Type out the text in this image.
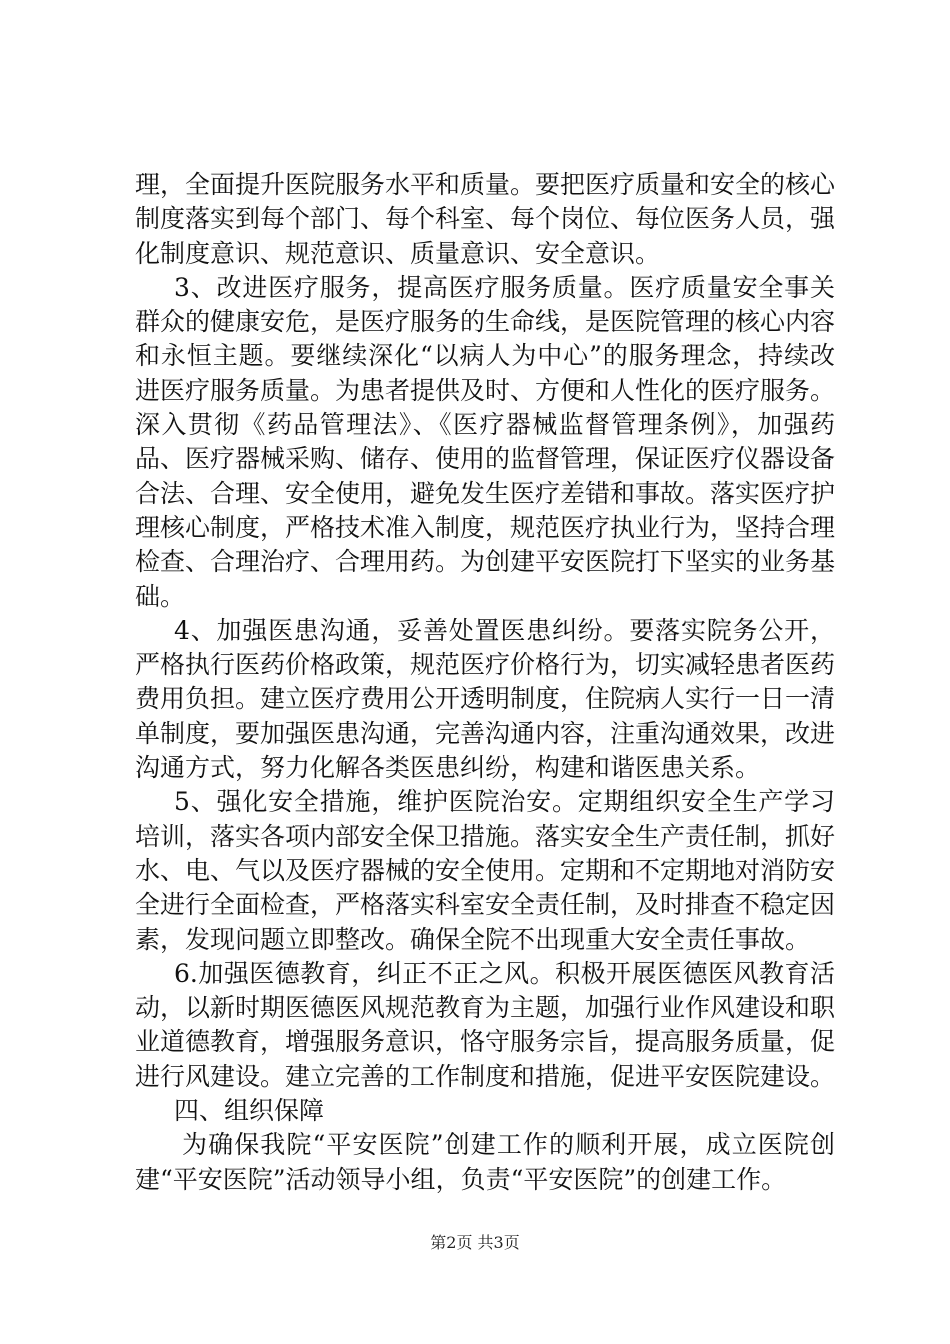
理，全面提升医院服务水平和质量。要把医疗质量和安全的核心制度落实到每个部门、每个科室、每个岗位、每位医务人员，强化制度意识、规范意识、质量意识、安全意识。

3、改进医疗服务，提高医疗服务质量。医疗质量安全事关群众的健康安危，是医疗服务的生命线，是医院管理的核心内容和永恒主题。要继续深化“以病人为中心”的服务理念，持续改进医疗服务质量。为患者提供及时、方便和人性化的医疗服务。深入贯彻《药品管理法》、《医疗器械监督管理条例》，加强药品、医疗器械采购、储存、使用的监督管理，保证医疗仪器设备合法、合理、安全使用，避免发生医疗差错和事故。落实医疗护理核心制度，严格技术准入制度，规范医疗执业行为，坚持合理检查、合理治疗、合理用药。为创建平安医院打下坚实的业务基础。

4、加强医患沟通，妥善处置医患纠纷。要落实院务公开，严格执行医药价格政策，规范医疗价格行为，切实减轻患者医药费用负担。建立医疗费用公开透明制度，住院病人实行一日一清单制度，要加强医患沟通，完善沟通内容，注重沟通效果，改进沟通方式，努力化解各类医患纠纷，构建和谐医患关系。

5、强化安全措施，维护医院治安。定期组织安全生产学习培训，落实各项内部安全保卫措施。落实安全生产责任制，抓好水、电、气以及医疗器械的安全使用。定期和不定期地对消防安全进行全面检查，严格落实科室安全责任制，及时排查不稳定因素，发现问题立即整改。确保全院不出现重大安全责任事故。

6.加强医德教育，纠正不正之风。积极开展医德医风教育活动，以新时期医德医风规范教育为主题，加强行业作风建设和职业道德教育，增强服务意识，恪守服务宗旨，提高服务质量，促进行风建设。建立完善的工作制度和措施，促进平安医院建设。

四、组织保障

为确保我院“平安医院”创建工作的顺利开展，成立医院创建“平安医院”活动领导小组，负责“平安医院”的创建工作。

第2页 共3页
